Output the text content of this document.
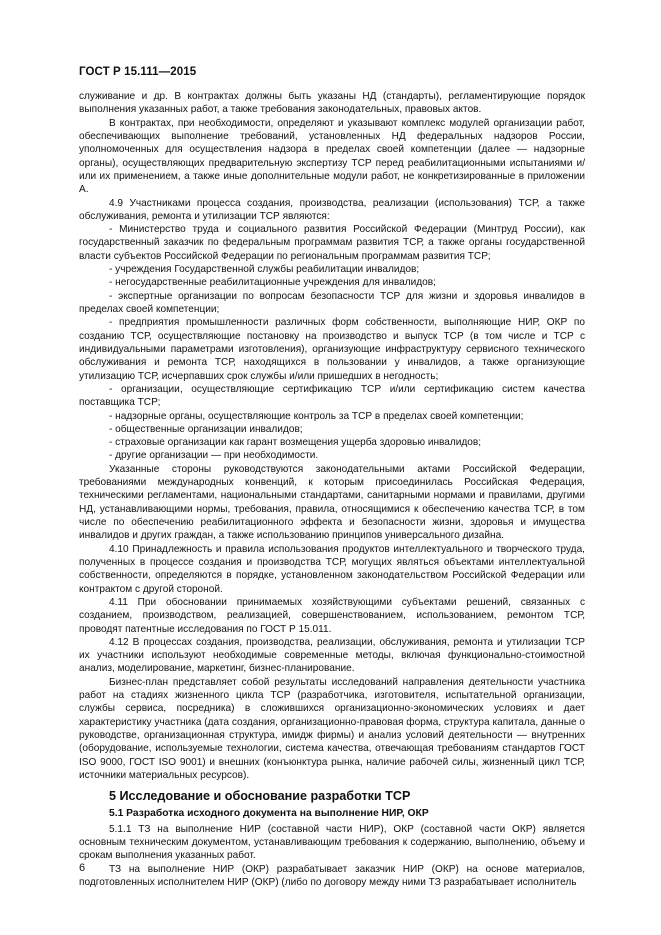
ГОСТ Р 15.111—2015

служивание и др. В контрактах должны быть указаны НД (стандарты), регламентирующие порядок выполнения указанных работ, а также требования законодательных, правовых актов.

В контрактах, при необходимости, определяют и указывают комплекс модулей организации работ, обеспечивающих выполнение требований, установленных НД федеральных надзоров России, уполномоченных для осуществления надзора в пределах своей компетенции (далее — надзорные органы), осуществляющих предварительную экспертизу ТСР перед реабилитационными испытаниями и/или их применением, а также иные дополнительные модули работ, не конкретизированные в приложении А.

4.9 Участниками процесса создания, производства, реализации (использования) ТСР, а также обслуживания, ремонта и утилизации ТСР являются:

- Министерство труда и социального развития Российской Федерации (Минтруд России), как государственный заказчик по федеральным программам развития ТСР, а также органы государственной власти субъектов Российской Федерации по региональным программам развития ТСР;

- учреждения Государственной службы реабилитации инвалидов;

- негосударственные реабилитационные учреждения для инвалидов;

- экспертные организации по вопросам безопасности ТСР для жизни и здоровья инвалидов в пределах своей компетенции;

- предприятия промышленности различных форм собственности, выполняющие НИР, ОКР по созданию ТСР, осуществляющие постановку на производство и выпуск ТСР (в том числе и ТСР с индивидуальными параметрами изготовления), организующие инфраструктуру сервисного технического обслуживания и ремонта ТСР, находящихся в пользовании у инвалидов, а также организующие утилизацию ТСР, исчерпавших срок службы и/или пришедших в негодность;

- организации, осуществляющие сертификацию ТСР и/или сертификацию систем качества поставщика ТСР;

- надзорные органы, осуществляющие контроль за ТСР в пределах своей компетенции;

- общественные организации инвалидов;

- страховые организации как гарант возмещения ущерба здоровью инвалидов;

- другие организации — при необходимости.

Указанные стороны руководствуются законодательными актами Российской Федерации, требованиями международных конвенций, к которым присоединилась Российская Федерация, техническими регламентами, национальными стандартами, санитарными нормами и правилами, другими НД, устанавливающими нормы, требования, правила, относящимися к обеспечению качества ТСР, в том числе по обеспечению реабилитационного эффекта и безопасности жизни, здоровья и имущества инвалидов и других граждан, а также использованию принципов универсального дизайна.

4.10 Принадлежность и правила использования продуктов интеллектуального и творческого труда, полученных в процессе создания и производства ТСР, могущих являться объектами интеллектуальной собственности, определяются в порядке, установленном законодательством Российской Федерации или контрактом с другой стороной.

4.11 При обосновании принимаемых хозяйствующими субъектами решений, связанных с созданием, производством, реализацией, совершенствованием, использованием, ремонтом ТСР, проводят патентные исследования по ГОСТ Р 15.011.

4.12 В процессах создания, производства, реализации, обслуживания, ремонта и утилизации ТСР их участники используют необходимые современные методы, включая функционально-стоимостной анализ, моделирование, маркетинг, бизнес-планирование.

Бизнес-план представляет собой результаты исследований направления деятельности участника работ на стадиях жизненного цикла ТСР (разработчика, изготовителя, испытательной организации, службы сервиса, посредника) в сложившихся организационно-экономических условиях и дает характеристику участника (дата создания, организационно-правовая форма, структура капитала, данные о руководстве, организационная структура, имидж фирмы) и анализ условий деятельности — внутренних (оборудование, используемые технологии, система качества, отвечающая требованиям стандартов ГОСТ ISO 9000, ГОСТ ISO 9001) и внешних (конъюнктура рынка, наличие рабочей силы, жизненный цикл ТСР, источники материальных ресурсов).

5 Исследование и обоснование разработки ТСР

5.1 Разработка исходного документа на выполнение НИР, ОКР

5.1.1 ТЗ на выполнение НИР (составной части НИР), ОКР (составной части ОКР) является основным техническим документом, устанавливающим требования к содержанию, выполнению, объему и срокам выполнения указанных работ.

ТЗ на выполнение НИР (ОКР) разрабатывает заказчик НИР (ОКР) на основе материалов, подготовленных исполнителем НИР (ОКР) (либо по договору между ними ТЗ разрабатывает исполнитель

6
